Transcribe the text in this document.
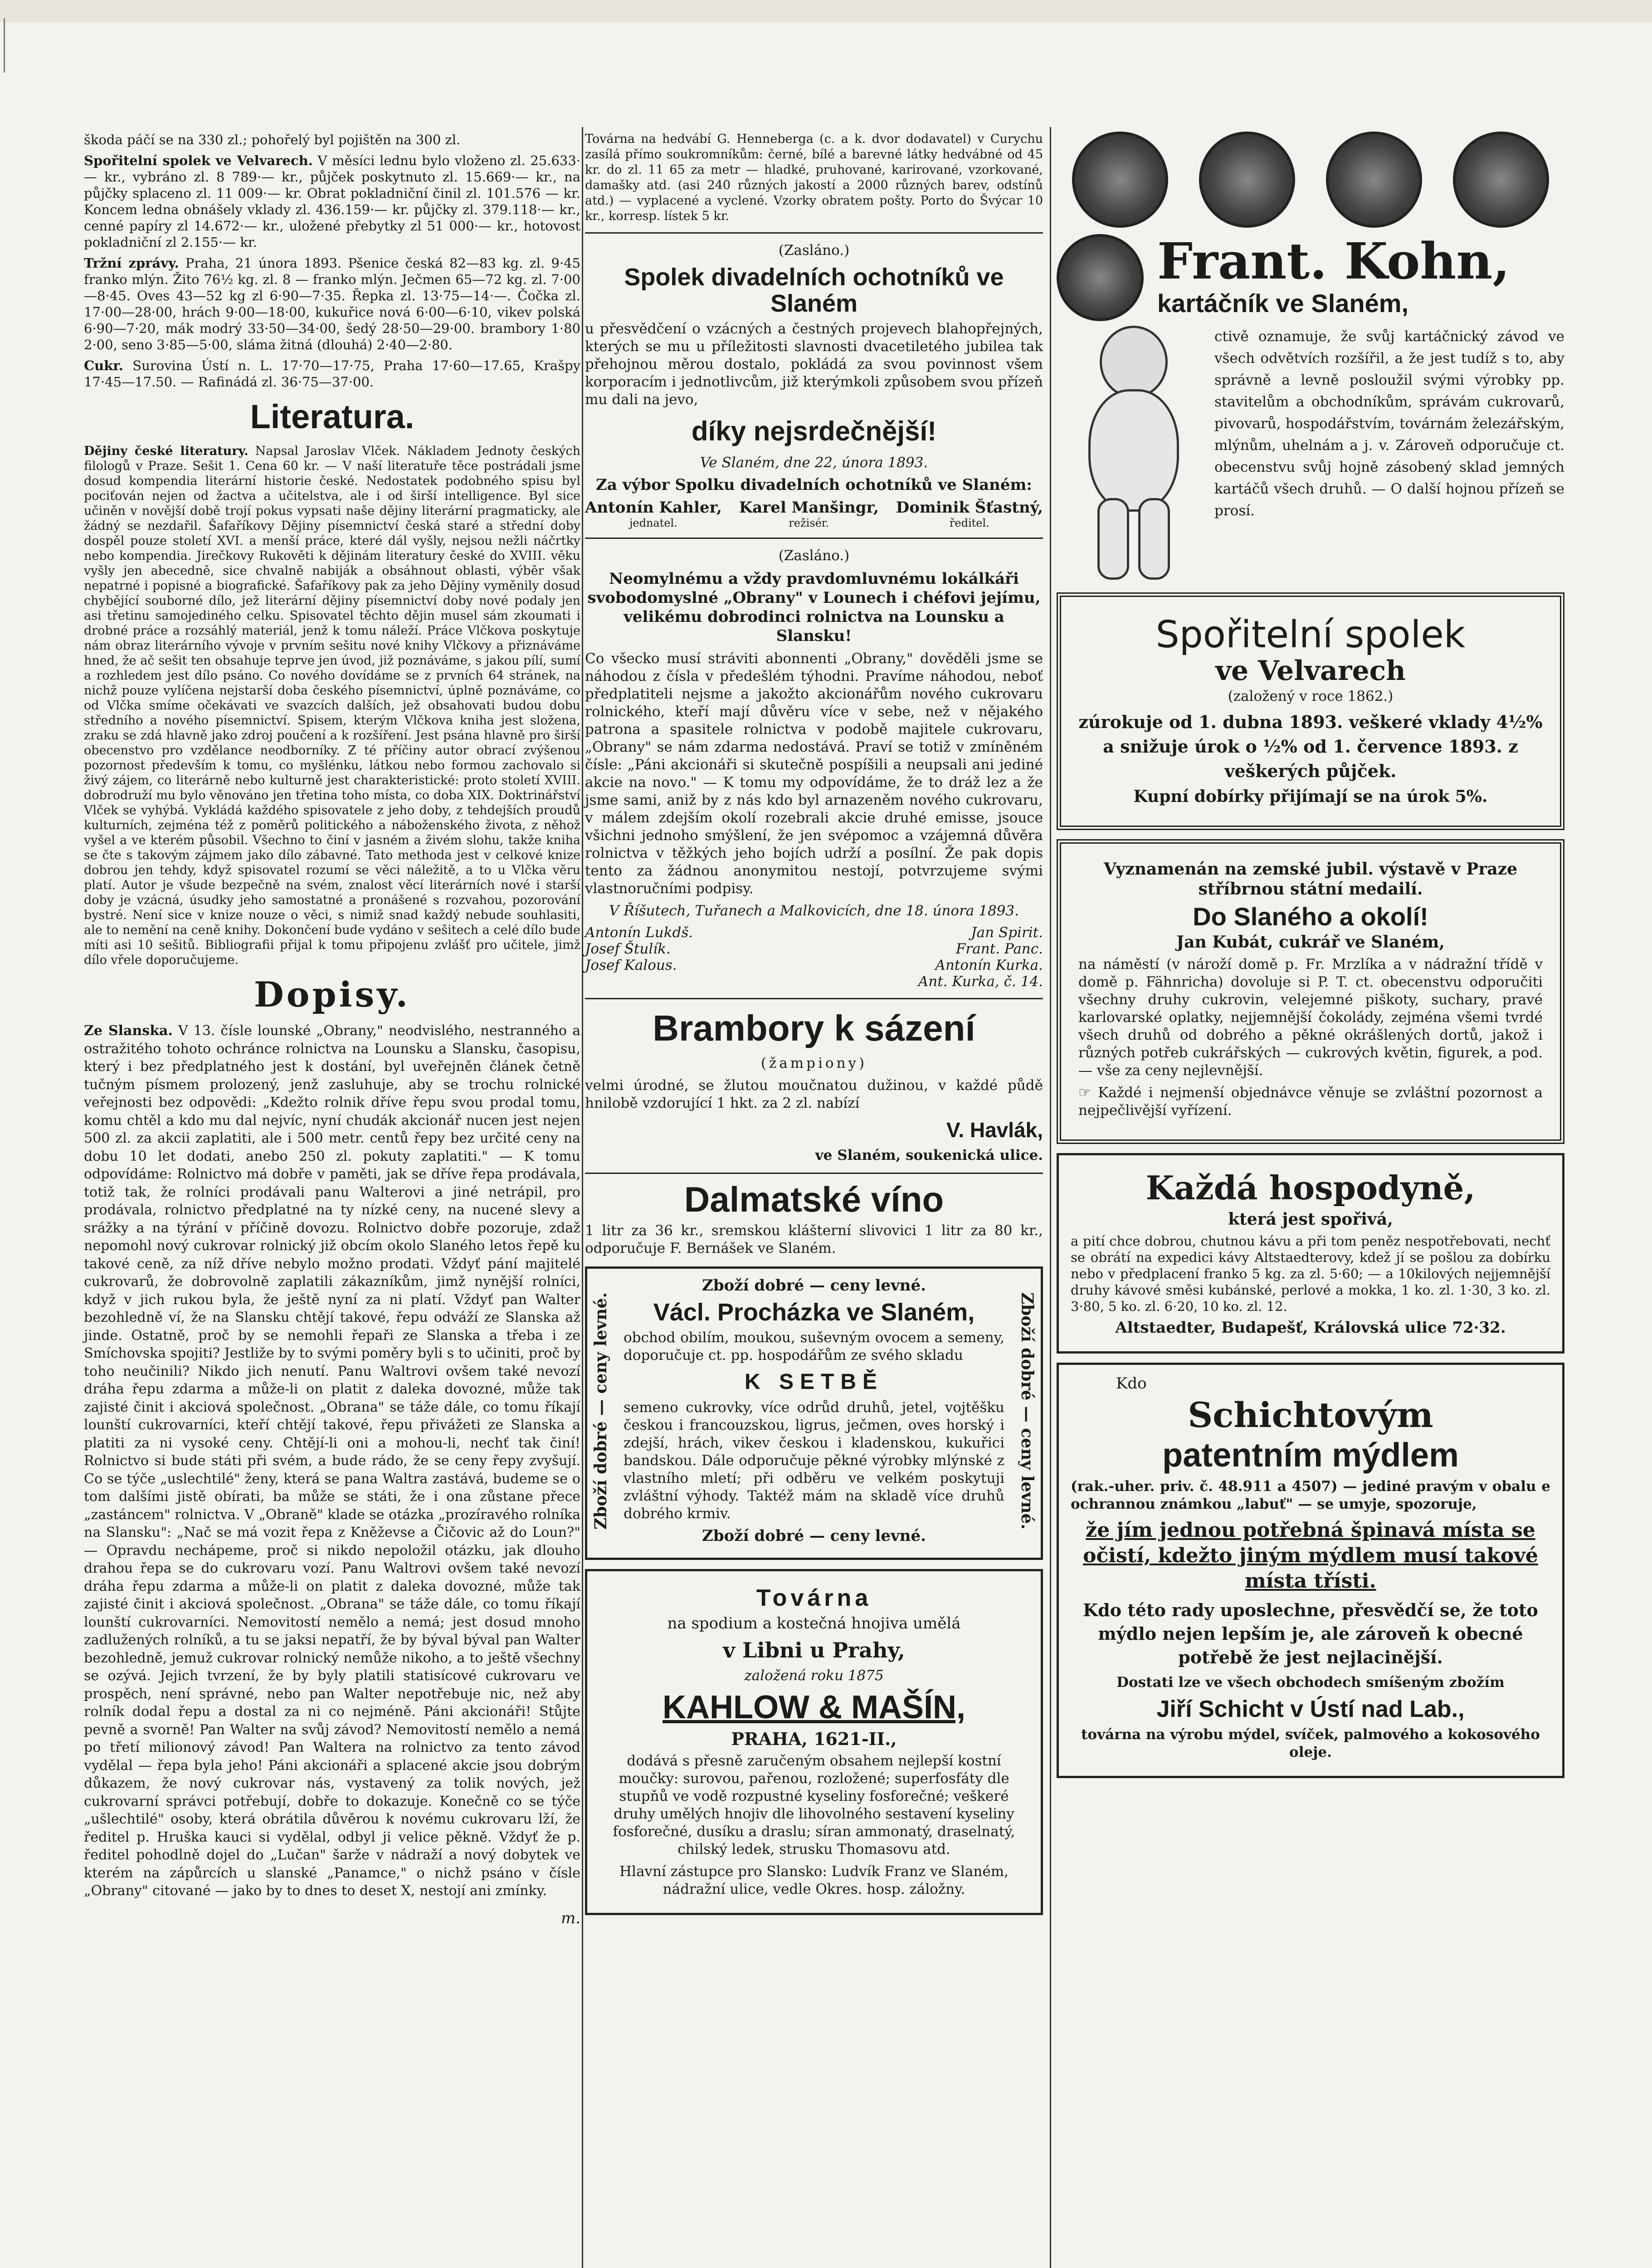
škoda páčí se na 330 zl.; pohořelý byl pojištěn na 300 zl.

Spořitelní spolek ve Velvarech. V měsíci lednu bylo vloženo zl. 25.633·— kr., vybráno zl. 8 789·— kr., půjček poskytnuto zl. 15.669·— kr., na půjčky splaceno zl. 11 009·— kr. Obrat pokladniční činil zl. 101.576 — kr. Koncem ledna obnášely vklady zl. 436.159·— kr. půjčky zl. 379.118·— kr., cenné papíry zl 14.672·— kr., uložené přebytky zl 51 000·— kr., hotovost pokladniční zl 2.155·— kr.

Tržní zprávy. Praha, 21 února 1893. Pšenice česká 82—83 kg. zl. 9·45 franko mlýn. Žito 76½ kg. zl. 8 — franko mlýn. Ječmen 65—72 kg. zl. 7·00—8·45. Oves 43—52 kg zl 6·90—7·35. Řepka zl. 13·75—14·—. Čočka zl. 17·00—28·00, hrách 9·00—18·00, kukuřice nová 6·00—6·10, vikev polská 6·90—7·20, mák modrý 33·50—34·00, šedý 28·50—29·00. brambory 1·80 2·00, seno 3·85—5·00, sláma žitná (dlouhá) 2·40—2·80.

Cukr. Surovina Ústí n. L. 17·70—17·75, Praha 17·60—17.65, Krašpy 17·45—17.50. — Rafinádá zl. 36·75—37·00.

Literatura.

Dějiny české literatury. Napsal Jaroslav Vlček. Nákladem Jednoty českých filologů v Praze. Sešit 1. Cena 60 kr. — V naší literatuře těce postrádali jsme dosud kompendia literární historie české. Nedostatek podobného spisu byl pociťován nejen od žactva a učitelstva, ale i od širší intelligence. Byl sice učiněn v novější době trojí pokus vypsati naše dějiny literární pragmaticky, ale žádný se nezdařil. Šafaříkovy Dějiny písemnictví česká staré a střední doby dospěl pouze století XVI. a menší práce, které dál vyšly, nejsou nežli náčrtky nebo kompendia. Jirečkovy Rukověti k dějinám literatury české do XVIII. věku vyšly jen abecedně, sice chvalně nabiják a obsáhnout oblasti, výběr však nepatrné i popisné a biografické. Šafaříkovy pak za jeho Dějiny vyměnily dosud chybějící souborné dílo, jež literární dějiny písemnictví doby nové podaly jen asi třetinu samojediného celku. Spisovatel těchto dějin musel sám zkoumati i drobné práce a rozsáhlý materiál, jenž k tomu náleží. Práce Vlčkova poskytuje nám obraz literárního vývoje v prvním sešitu nové knihy Vlčkovy a přiznáváme hned, že ač sešit ten obsahuje teprve jen úvod, již poznáváme, s jakou pílí, sumí a rozhledem jest dílo psáno. Co nového dovídáme se z prvních 64 stránek, na nichž pouze vylíčena nejstarší doba českého písemnictví, úplně poznáváme, co od Vlčka smíme očekávati ve svazcích dalších, jež obsahovati budou dobu středního a nového písemnictví. Spisem, kterým Vlčkova kniha jest složena, zraku se zdá hlavně jako zdroj poučení a k rozšíření. Jest psána hlavně pro širší obecenstvo pro vzdělance neodborníky. Z té příčiny autor obrací zvýšenou pozornost především k tomu, co myšlénku, látkou nebo formou zachovalo si živý zájem, co literárně nebo kulturně jest charakteristické: proto století XVIII. dobrodruží mu bylo věnováno jen třetina toho místa, co doba XIX. Doktrinářství Vlček se vyhýbá. Vykládá každého spisovatele z jeho doby, z tehdejších proudů kulturních, zejména též z poměrů politického a náboženského života, z něhož vyšel a ve kterém působil. Všechno to činí v jasném a živém slohu, takže kniha se čte s takovým zájmem jako dílo zábavné. Tato methoda jest v celkové knize dobrou jen tehdy, když spisovatel rozumí se věci náležitě, a to u Vlčka věru platí. Autor je všude bezpečně na svém, znalost věcí literárních nové i starší doby je vzácná, úsudky jeho samostatné a pronášené s rozvahou, pozorování bystré. Není sice v knize nouze o věci, s nimiž snad každý nebude souhlasiti, ale to nemění na ceně knihy. Dokončení bude vydáno v sešitech a celé dílo bude míti asi 10 sešitů. Bibliografii přijal k tomu připojenu zvlášť pro učitele, jimž dílo vřele doporučujeme.

Dopisy.

Ze Slanska. V 13. čísle lounské „Obrany," neodvislého, nestranného a ostražitého tohoto ochránce rolnictva na Lounsku a Slansku, časopisu, který i bez předplatného jest k dostání, byl uveřejněn článek četně tučným písmem prolozený, jenž zasluhuje, aby se trochu rolnické veřejnosti bez odpovědi: „Kdežto rolnik dříve řepu svou prodal tomu, komu chtěl a kdo mu dal nejvíc, nyní chudák akcionář nucen jest nejen 500 zl. za akcii zaplatiti, ale i 500 metr. centů řepy bez určité ceny na dobu 10 let dodati, anebo 250 zl. pokuty zaplatiti." — K tomu odpovídáme: Rolnictvo má dobře v paměti, jak se dříve řepa prodávala, totiž tak, že rolníci prodávali panu Walterovi a jiné netrápil, pro prodávala, rolnictvo předplatné na ty nízké ceny, na nucené slevy a srážky a na týrání v příčině dovozu. Rolnictvo dobře pozoruje, zdaž nepomohl nový cukrovar rolnický již obcím okolo Slaného letos řepě ku takové ceně, za níž dříve nebylo možno prodati. Vždyť pání majitelé cukrovarů, že dobrovolně zaplatili zákazníkům, jimž nynější rolníci, když v jich rukou byla, že ještě nyní za ni platí. Vždyť pan Walter bezohledně ví, že na Slansku chtějí takové, řepu odváží ze Slanska až jinde. Ostatně, proč by se nemohli řepaři ze Slanska a třeba i ze Smíchovska spojiti? Jestliže by to svými poměry byli s to učiniti, proč by toho neučinili? Nikdo jich nenutí. Panu Waltrovi ovšem také nevozí dráha řepu zdarma a může-li on platit z daleka dovozné, může tak zajisté činit i akciová společnost. „Obrana" se táže dále, co tomu říkají lounští cukrovarníci, kteří chtějí takové, řepu přivážeti ze Slanska a platiti za ni vysoké ceny. Chtějí-li oni a mohou-li, nechť tak činí! Rolnictvo si bude státi při svém, a bude rádo, že se ceny řepy zvyšují. Co se týče „uslechtilé" ženy, která se pana Waltra zastává, budeme se o tom dalšími jistě obírati, ba může se státi, že i ona zůstane přece „zastáncem" rolnictva. V „Obraně" klade se otázka „prozíravého rolníka na Slansku": „Nač se má vozit řepa z Kněževse a Čičovic až do Loun?" — Opravdu nechápeme, proč si nikdo nepoložil otázku, jak dlouho drahou řepa se do cukrovaru vozí. Panu Waltrovi ovšem také nevozí dráha řepu zdarma a může-li on platit z daleka dovozné, může tak zajisté činit i akciová společnost. „Obrana" se táže dále, co tomu říkají lounští cukrovarníci. Nemovitostí nemělo a nemá; jest dosud mnoho zadlužených rolníků, a tu se jaksi nepatří, že by býval býval pan Walter bezohledně, jemuž cukrovar rolnický nemůže nikoho, a to ještě všechny se ozývá. Jejich tvrzení, že by byly platili statisícové cukrovaru ve prospěch, není správné, nebo pan Walter nepotřebuje nic, než aby rolník dodal řepu a dostal za ni co nejméně. Páni akcionáři! Stůjte pevně a svorně! Pan Walter na svůj závod? Nemovitostí nemělo a nemá po třetí milionový závod! Pan Waltera na rolnictvo za tento závod vydělal — řepa byla jeho! Páni akcionáři a splacené akcie jsou dobrým důkazem, že nový cukrovar nás, vystavený za tolik nových, jež cukrovarní správci potřebují, dobře to dokazuje. Konečně co se týče „ušlechtilé" osoby, která obrátila důvěrou k novému cukrovaru lží, že ředitel p. Hruška kauci si vydělal, odbyl ji velice pěkně. Vždyť že p. ředitel pohodlně dojel do „Lučan" šarže v nádraží a nový dobytek ve kterém na zápůrcích u slanské „Panamce," o nichž psáno v čísle „Obrany" citované — jako by to dnes to deset X, nestojí ani zmínky.

m.

Továrna na hedvábí G. Henneberga (c. a k. dvor dodavatel) v Curychu zasílá přímo soukromníkům: černé, bílé a barevné látky hedvábné od 45 kr. do zl. 11 65 za metr — hladké, pruhované, karirované, vzorkované, damašky atd. (asi 240 různých jakostí a 2000 různých barev, odstínů atd.) — vyplacené a vyclené. Vzorky obratem pošty. Porto do Švýcar 10 kr., korresp. lístek 5 kr.

(Zasláno.)

Spolek divadelních ochotníků ve Slaném

u přesvědčení o vzácných a čestných projevech blahopřejných, kterých se mu u příležitosti slavnosti dvacetiletého jubilea tak přehojnou měrou dostalo, pokládá za svou povinnost všem korporacím i jednotlivcům, již kterýmkoli způsobem svou přízeň mu dali na jevo,

díky nejsrdečnější!

Ve Slaném, dne 22, února 1893.

Za výbor Spolku divadelních ochotníků ve Slaném:

Antonín Kahler,
jednatel.
Karel Manšingr,
režisér.
Dominik Šťastný,
ředitel.

(Zasláno.)

Neomylnému a vždy pravdomluvnému lokálkáři svobodomyslné „Obrany" v Lounech i chéfovi jejímu, velikému dobrodinci rolnictva na Lounsku a Slansku!

Co všecko musí stráviti abonnenti „Obrany," dověděli jsme se náhodou z čísla v předešlém týhodni. Pravíme náhodou, neboť předplatiteli nejsme a jakožto akcionářům nového cukrovaru rolnického, kteří mají důvěru více v sebe, než v nějakého patrona a spasitele rolnictva v podobě majitele cukrovaru, „Obrany" se nám zdarma nedostává. Praví se totiž v zmíněném čísle: „Páni akcionáři si skutečně pospíšili a neupsali ani jediné akcie na novo." — K tomu my odpovídáme, že to dráž lez a že jsme sami, aniž by z nás kdo byl arnazeněm nového cukrovaru, v málem zdejším okolí rozebrali akcie druhé emisse, jsouce všichni jednoho smýšlení, že jen svépomoc a vzájemná důvěra rolnictva v těžkých jeho bojích udrží a posílní. Že pak dopis tento za žádnou anonymitou nestojí, potvrzujeme svými vlastnoručními podpisy.

V Říšutech, Tuřanech a Malkovicích, dne 18. února 1893.

Antonín Lukdš.
Josef Štulík.
Josef Kalous.
Jan Spirit.
Frant. Panc.
Antonín Kurka.
Ant. Kurka, č. 14.
Brambory k sázení

(žampiony)

velmi úrodné, se žlutou moučnatou dužinou, v každé půdě hnilobě vzdorující 1 hkt. za 2 zl. nabízí

V. Havlák,

ve Slaném, soukenická ulice.

Dalmatské víno

1 litr za 36 kr., sremskou klášterní slivovici 1 litr za 80 kr., odporučuje F. Bernášek ve Slaném.

Zboží dobré — ceny levné.

Zboží dobré — ceny levné.	Zboží dobré — ceny levné.
Václ. Procházka ve Slaném,

obchod obilím, moukou, suševným ovocem a semeny, doporučuje ct. pp. hospodářům ze svého skladu

K SETBĚ

semeno cukrovky, více odrůd druhů, jetel, vojtěšku českou i francouzskou, ligrus, ječmen, oves horský i zdejší, hrách, vikev českou i kladenskou, kukuřici bandskou. Dále odporučuje pěkné výrobky mlýnské z vlastního mletí; při odběru ve velkém poskytuji zvláštní výhody. Taktéž mám na skladě více druhů dobrého krmiv.

Zboží dobré — ceny levné.

Továrna

na spodium a kostečná hnojiva umělá

v Libni u Prahy,

založená roku 1875

KAHLOW & MAŠÍN,

PRAHA, 1621-II.,

dodává s přesně zaručeným obsahem nejlepší kostní moučky: surovou, pařenou, rozložené; superfosfáty dle stupňů ve vodě rozpustné kyseliny fosforečné; veškeré druhy umělých hnojiv dle lihovolného sestavení kyseliny fosforečné, dusíku a draslu; síran ammonatý, draselnatý, chilský ledek, strusku Thomasovu atd.

Hlavní zástupce pro Slansko: Ludvík Franz ve Slaném, nádražní ulice, vedle Okres. hosp. záložny.

Frant. Kohn,
kartáčník ve Slaném,

ctivě oznamuje, že svůj kartáčnický závod ve všech odvětvích rozšířil, a že jest tudíž s to, aby správně a levně posloužil svými výrobky pp. stavitelům a obchodníkům, správám cukrovarů, pivovarů, hospodářstvím, továrnám železářským, mlýnům, uhelnám a j. v. Zároveň odporučuje ct. obecenstvu svůj hojně zásobený sklad jemných kartáčů všech druhů. — O další hojnou přízeň se prosí.

Spořitelní spolek
ve Velvarech

(založený v roce 1862.)

zúrokuje od 1. dubna 1893. veškeré vklady 4½% a snižuje úrok o ½% od 1. července 1893. z veškerých půjček.

Kupní dobírky přijímají se na úrok 5%.

Vyznamenán na zemské jubil. výstavě v Praze stříbrnou státní medailí.

Do Slaného a okolí!

Jan Kubát, cukrář ve Slaném,

na náměstí (v nároží domě p. Fr. Mrzlíka a v nádražní třídě v domě p. Fähnricha) dovoluje si P. T. ct. obecenstvu odporučiti všechny druhy cukrovin, velejemné piškoty, suchary, pravé karlovarské oplatky, nejjemnější čokolády, zejména všemi tvrdé všech druhů od dobrého a pěkné okrášlených dortů, jakož i různých potřeb cukrářských — cukrových květin, figurek, a pod. — vše za ceny nejlevnější.

☞ Každé i nejmenší objednávce věnuje se zvláštní pozornost a nejpečlivější vyřízení.

Každá hospodyně,

která jest spořivá,

a pití chce dobrou, chutnou kávu a při tom peněz nespotřebovati, nechť se obrátí na expedici kávy Altstaedterovy, kdež jí se pošlou za dobírku nebo v předplacení franko 5 kg. za zl. 5·60; — a 10kilových nejjemnější druhy kávové směsi kubánské, perlové a mokka, 1 ko. zl. 1·30, 3 ko. zl. 3·80, 5 ko. zl. 6·20, 10 ko. zl. 12.

Altstaedter, Budapešť, Královská ulice 72·32.

Kdo

Schichtovým
patentním mýdlem

(rak.-uher. priv. č. 48.911 a 4507) — jediné pravým v obalu e ochrannou známkou „labuť" — se umyje, spozoruje,

že jím jednou potřebná špinavá místa se očistí, kdežto jiným mýdlem musí takové místa třísti.

Kdo této rady uposlechne, přesvědčí se, že toto mýdlo nejen lepším je, ale zároveň k obecné potřebě že jest nejlacinější.

Dostati lze ve všech obchodech smíšeným zbožím

Jiří Schicht v Ústí nad Lab.,

továrna na výrobu mýdel, svíček, palmového a kokosového oleje.
